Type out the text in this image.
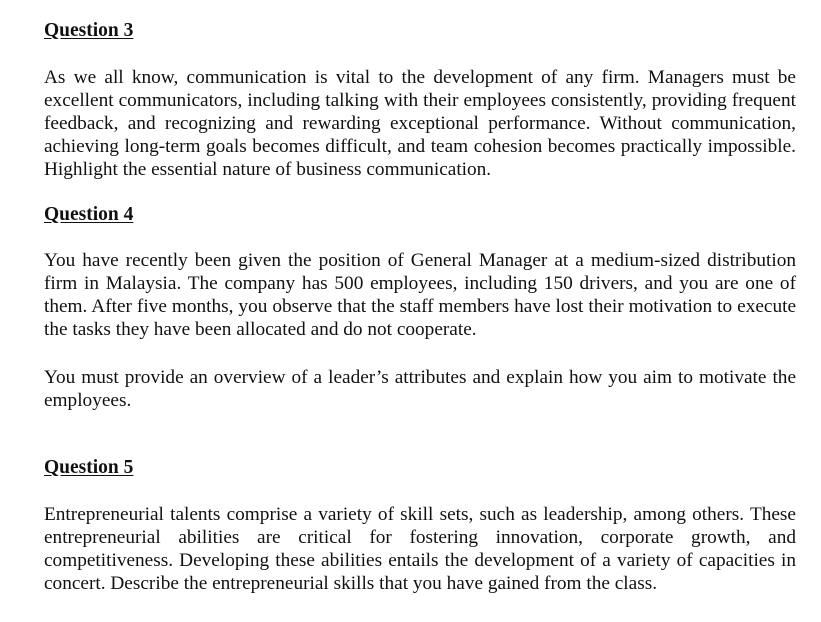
Question 3

As we all know, communication is vital to the development of any firm. Managers must be excellent communicators, including talking with their employees consistently, providing frequent feedback, and recognizing and rewarding exceptional performance. Without communication, achieving long-term goals becomes difficult, and team cohesion becomes practically impossible. Highlight the essential nature of business communication.

Question 4

You have recently been given the position of General Manager at a medium-sized distribution firm in Malaysia. The company has 500 employees, including 150 drivers, and you are one of them. After five months, you observe that the staff members have lost their motivation to execute the tasks they have been allocated and do not cooperate.

You must provide an overview of a leader’s attributes and explain how you aim to motivate the employees.

Question 5

Entrepreneurial talents comprise a variety of skill sets, such as leadership, among others. These entrepreneurial abilities are critical for fostering innovation, corporate growth, and competitiveness. Developing these abilities entails the development of a variety of capacities in concert. Describe the entrepreneurial skills that you have gained from the class.
